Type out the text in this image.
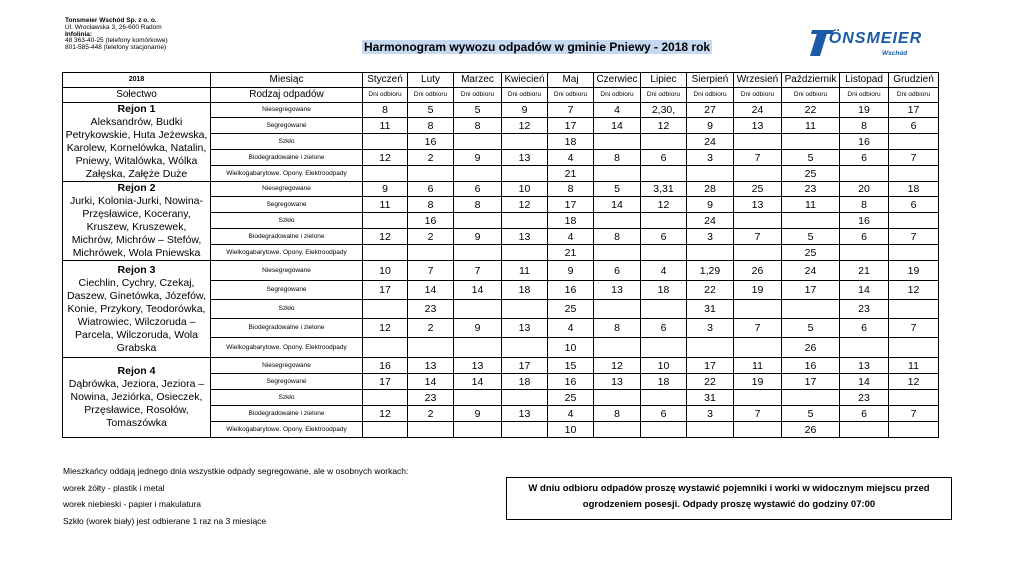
Tonsmeier Wschód Sp. z o. o.
Ul. Wrocławska 3, 26-600 Radom
Infolinia:
48 363-40-25 (telefony komórkowe)
801-585-448 (telefony stacjonarne)	Harmonogram wywozu odpadów w gminie Pniewy - 2018 rok	TÖNSMEIER
Wschód
2018	Miesiąc	Styczeń	Luty	Marzec	Kwiecień	Maj	Czerwiec	Lipiec	Sierpień	Wrzesień	Październik	Listopad	Grudzień
Sołectwo	Rodzaj odpadów	Dni odbioru	Dni odbioru	Dni odbioru	Dni odbioru	Dni odbioru	Dni odbioru	Dni odbioru	Dni odbioru	Dni odbioru	Dni odbioru	Dni odbioru	Dni odbioru

Rejon 1
Aleksandrów, Budki Petrykowskie, Huta Jeżewska, Karolew, Kornelówka, Natalin, Pniewy, Witalówka, Wólka Załęska, Załęże Duże	Niesegregowane	8	5	5	9	7	4	2,30,	27	24	22	19	17
	Segregowane	11	8	8	12	17	14	12	9	13	11	8	6
	Szkło		16			18			24			16	
	Biodegradowalne i zielone	12	2	9	13	4	8	6	3	7	5	6	7
	Wielkogabarytowe. Opony. Elektroodpady					21					25		

Rejon 2
Jurki, Kolonia-Jurki, Nowina-Przęsławice, Kocerany, Kruszew, Kruszewek, Michrów, Michrów – Stefów, Michrówek, Wola Pniewska	Niesegregowane	9	6	6	10	8	5	3,31	28	25	23	20	18
	Segregowane	11	8	8	12	17	14	12	9	13	11	8	6
	Szkło		16			18			24			16	
	Biodegradowalne i zielone	12	2	9	13	4	8	6	3	7	5	6	7
	Wielkogabarytowe. Opony. Elektroodpady					21					25		

Rejon 3
Ciechlin, Cychry, Czekaj, Daszew, Ginetówka, Józefów, Konie, Przykory, Teodorówka, Wiatrowiec, Wilczoruda – Parcela, Wilczoruda, Wola Grabska	Niesegregowane	10	7	7	11	9	6	4	1,29	26	24	21	19
	Segregowane	17	14	14	18	16	13	18	22	19	17	14	12
	Szkło		23			25			31			23	
	Biodegradowalne i zielone	12	2	9	13	4	8	6	3	7	5	6	7
	Wielkogabarytowe. Opony. Elektroodpady					10					26		

Rejon 4
Dąbrówka, Jeziora, Jeziora – Nowina, Jeziórka, Osieczek, Przęsławice, Rosołów, Tomaszówka	Niesegregowane	16	13	13	17	15	12	10	17	11	16	13	11
	Segregowane	17	14	14	18	16	13	18	22	19	17	14	12
	Szkło		23			25			31			23	
	Biodegradowalne i zielone	12	2	9	13	4	8	6	3	7	5	6	7
	Wielkogabarytowe. Opony. Elektroodpady					10					26		
Mieszkańcy oddają jednego dnia wszystkie odpady segregowane, ale w osobnych workach:
worek żółty - plastik i metal
worek niebieski - papier i makulatura
Szkło (worek biały) jest odbierane 1 raz na 3 miesiące
W dniu odbioru odpadów proszę wystawić pojemniki i worki w widocznym miejscu przed
ogrodzeniem posesji. Odpady proszę wystawić do godziny 07:00
